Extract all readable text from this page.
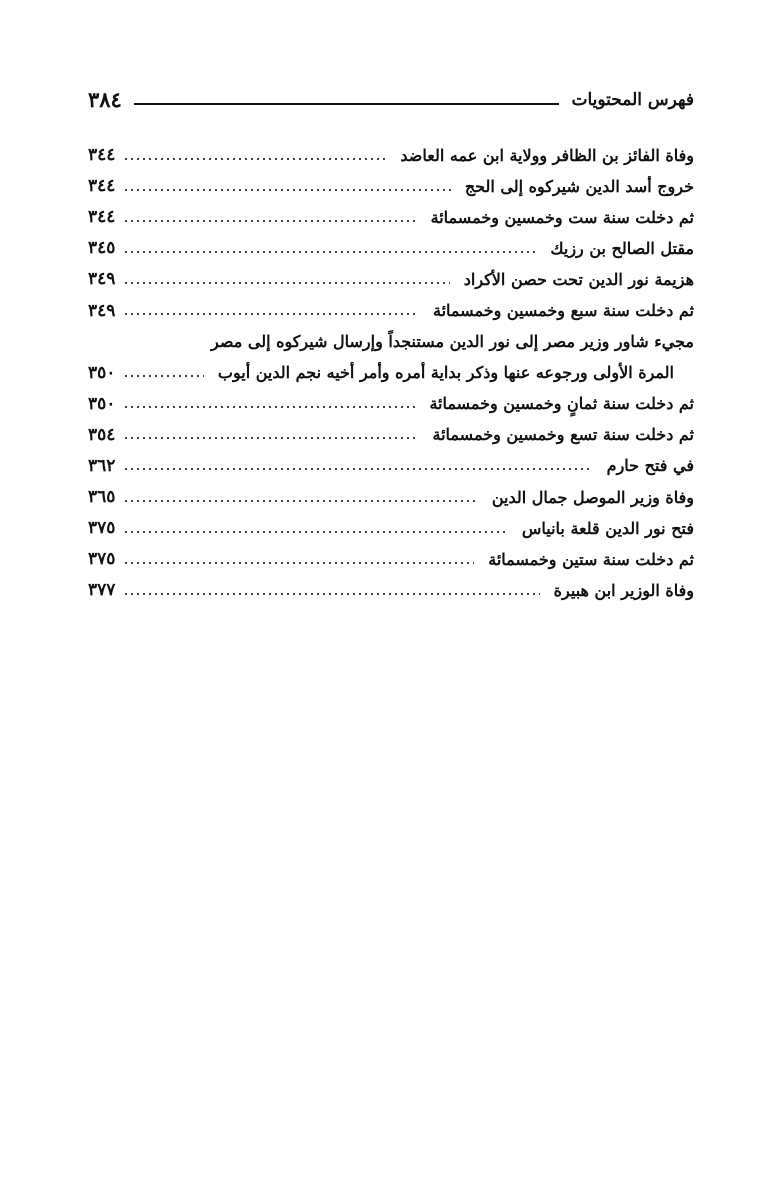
٣٨٤	فهرس المحتويات
وفاة الفائز بن الظافر وولاية ابن عمه العاضد
٣٤٤
خروج أسد الدين شيركوه إلى الحج
٣٤٤
ثم دخلت سنة ست وخمسين وخمسمائة
٣٤٤
مقتل الصالح بن رزيك
٣٤٥
هزيمة نور الدين تحت حصن الأكراد
٣٤٩
ثم دخلت سنة سبع وخمسين وخمسمائة
٣٤٩
مجيء شاور وزير مصر إلى نور الدين مستنجداً وإرسال شيركوه إلى مصر
المرة الأولى ورجوعه عنها وذكر بداية أمره وأمر أخيه نجم الدين أيوب
٣٥٠
ثم دخلت سنة ثمانٍ وخمسين وخمسمائة
٣٥٠
ثم دخلت سنة تسع وخمسين وخمسمائة
٣٥٤
في فتح حارم
٣٦٢
وفاة وزير الموصل جمال الدين
٣٦٥
فتح نور الدين قلعة بانياس
٣٧٥
ثم دخلت سنة ستين وخمسمائة
٣٧٥
وفاة الوزير ابن هبيرة
٣٧٧
